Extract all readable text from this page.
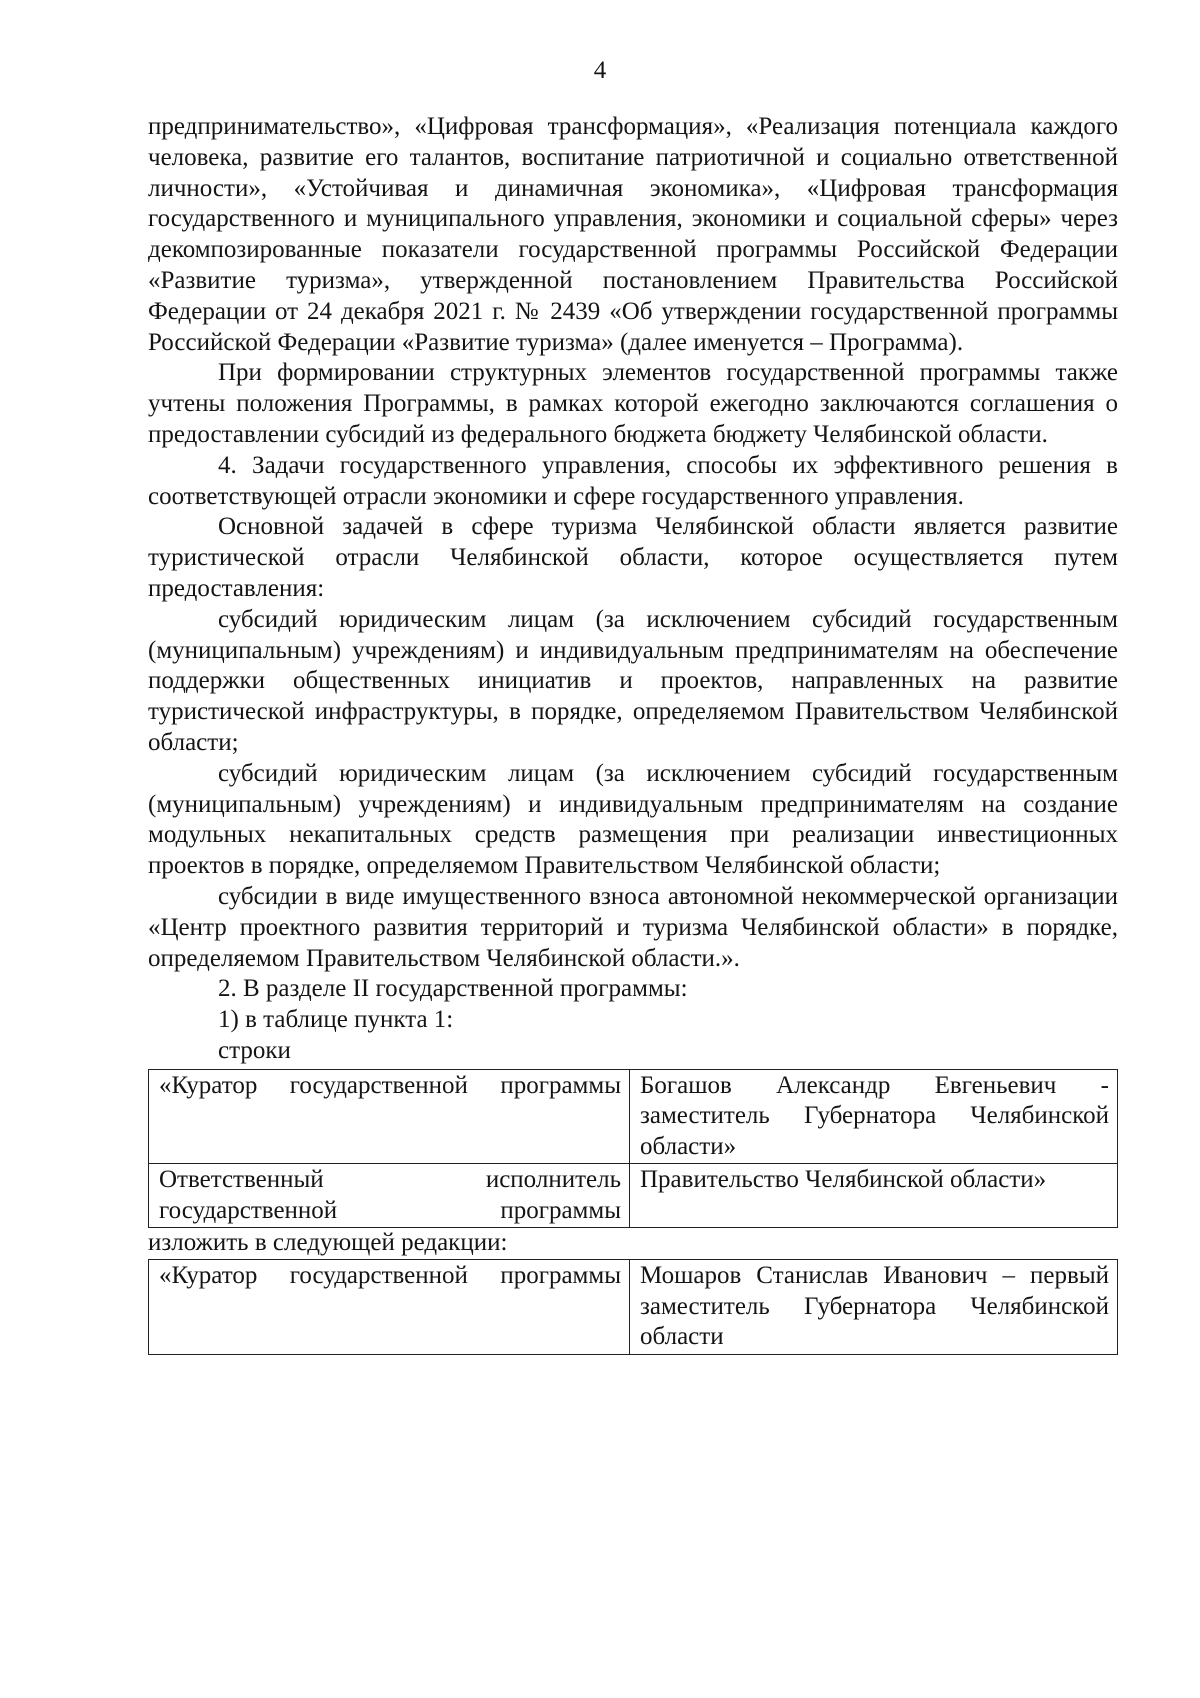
4

предпринимательство», «Цифровая трансформация», «Реализация потенциала каждого человека, развитие его талантов, воспитание патриотичной и социально ответственной личности», «Устойчивая и динамичная экономика», «Цифровая трансформация государственного и муниципального управления, экономики и социальной сферы» через декомпозированные показатели государственной программы Российской Федерации «Развитие туризма», утвержденной постановлением Правительства Российской Федерации от 24 декабря 2021 г. № 2439 «Об утверждении государственной программы Российской Федерации «Развитие туризма» (далее именуется – Программа).

При формировании структурных элементов государственной программы также учтены положения Программы, в рамках которой ежегодно заключаются соглашения о предоставлении субсидий из федерального бюджета бюджету Челябинской области.

4. Задачи государственного управления, способы их эффективного решения в соответствующей отрасли экономики и сфере государственного управления.

Основной задачей в сфере туризма Челябинской области является развитие туристической отрасли Челябинской области, которое осуществляется путем предоставления:

субсидий юридическим лицам (за исключением субсидий государственным (муниципальным) учреждениям) и индивидуальным предпринимателям на обеспечение поддержки общественных инициатив и проектов, направленных на развитие туристической инфраструктуры, в порядке, определяемом Правительством Челябинской области;

субсидий юридическим лицам (за исключением субсидий государственным (муниципальным) учреждениям) и индивидуальным предпринимателям на создание модульных некапитальных средств размещения при реализации инвестиционных проектов в порядке, определяемом Правительством Челябинской области;

субсидии в виде имущественного взноса автономной некоммерческой организации «Центр проектного развития территорий и туризма Челябинской области» в порядке, определяемом Правительством Челябинской области.».

2. В разделе II государственной программы:

1) в таблице пункта 1:

строки

«Куратор государственной программы	Богашов Александр Евгеньевич - заместитель Губернатора Челябинской области»
Ответственный исполнитель государственной программы	Правительство Челябинской области»

изложить в следующей редакции:

«Куратор государственной программы	Мошаров Станислав Иванович – первый заместитель Губернатора Челябинской области
